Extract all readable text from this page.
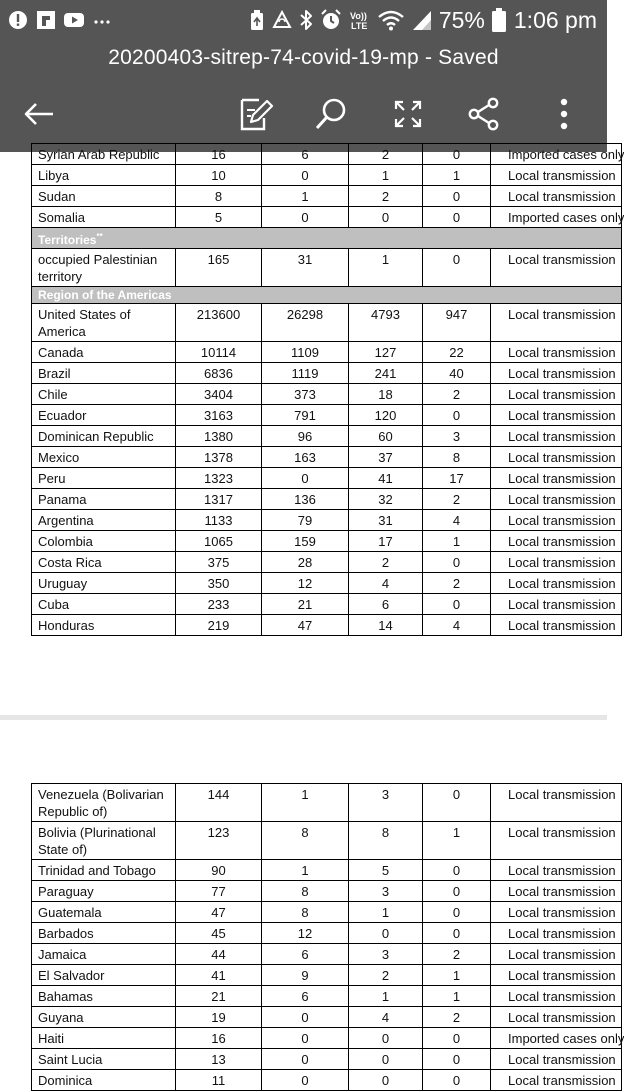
Vo))
LTE	75% 1:06 pm
20200403-sitrep-74-covid-19-mp - Saved
Syrian Arab Republic	16	6	2	0	Imported cases only
Libya	10	0	1	1	Local transmission
Sudan	8	1	2	0	Local transmission
Somalia	5	0	0	0	Imported cases only
Territories**
occupied Palestinian territory	165	31	1	0	Local transmission
Region of the Americas					
United States of America	213600	26298	4793	947	Local transmission
Canada	10114	1109	127	22	Local transmission
Brazil	6836	1119	241	40	Local transmission
Chile	3404	373	18	2	Local transmission
Ecuador	3163	791	120	0	Local transmission
Dominican Republic	1380	96	60	3	Local transmission
Mexico	1378	163	37	8	Local transmission
Peru	1323	0	41	17	Local transmission
Panama	1317	136	32	2	Local transmission
Argentina	1133	79	31	4	Local transmission
Colombia	1065	159	17	1	Local transmission
Costa Rica	375	28	2	0	Local transmission
Uruguay	350	12	4	2	Local transmission
Cuba	233	21	6	0	Local transmission
Honduras	219	47	14	4	Local transmission
Venezuela (Bolivarian Republic of)	144	1	3	0	Local transmission
Bolivia (Plurinational State of)	123	8	8	1	Local transmission
Trinidad and Tobago	90	1	5	0	Local transmission
Paraguay	77	8	3	0	Local transmission
Guatemala	47	8	1	0	Local transmission
Barbados	45	12	0	0	Local transmission
Jamaica	44	6	3	2	Local transmission
El Salvador	41	9	2	1	Local transmission
Bahamas	21	6	1	1	Local transmission
Guyana	19	0	4	2	Local transmission
Haiti	16	0	0	0	Imported cases only
Saint Lucia	13	0	0	0	Local transmission
Dominica	11	0	0	0	Local transmission
